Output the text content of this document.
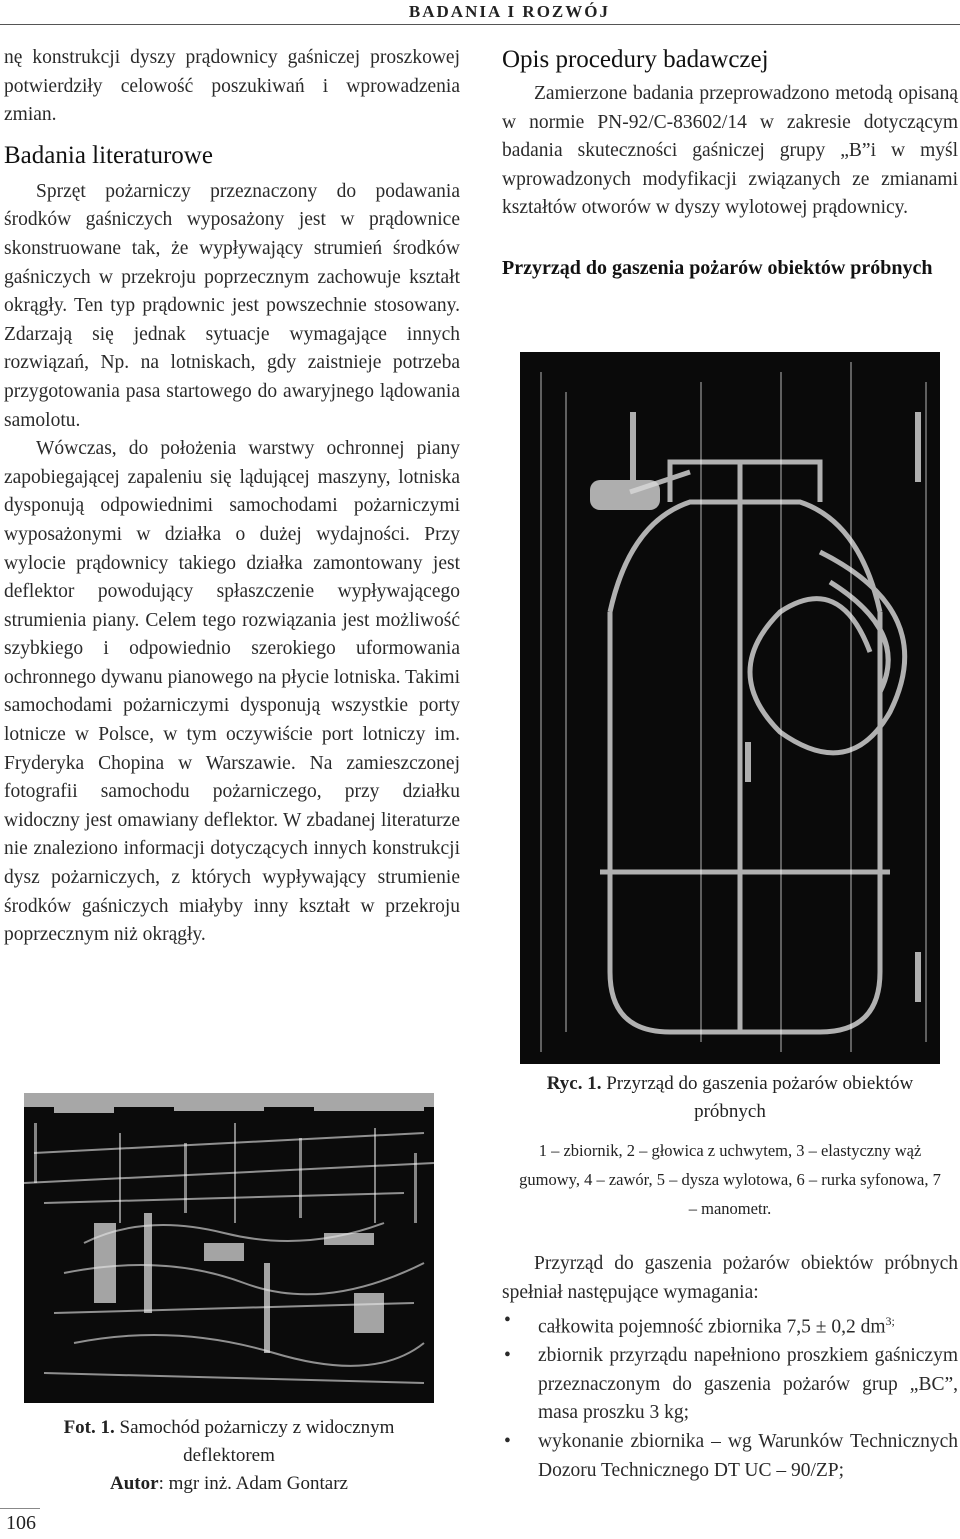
BADANIA I ROZWÓJ

nę konstrukcji dyszy prądownicy gaśniczej proszkowej potwierdziły celowość poszukiwań i wprowadzenia zmian.

Badania literaturowe

Sprzęt pożarniczy przeznaczony do podawania środków gaśniczych wyposażony jest w prądownice skonstruowane tak, że wypływający strumień środków gaśniczych w przekroju poprzecznym zachowuje kształt okrągły. Ten typ prądownic jest powszechnie stosowany. Zdarzają się jednak sytuacje wymagające innych rozwiązań, Np. na lotniskach, gdy zaistnieje potrzeba przygotowania pasa startowego do awaryjnego lądowania samolotu.

Wówczas, do położenia warstwy ochronnej piany zapobiegającej zapaleniu się lądującej maszyny, lotniska dysponują odpowiednimi samochodami pożarniczymi wyposażonymi w działka o dużej wydajności. Przy wylocie prądownicy takiego działka zamontowany jest deflektor powodujący spłaszczenie wypływającego strumienia piany. Celem tego rozwiązania jest możliwość szybkiego i odpowiednio szerokiego uformowania ochronnego dywanu pianowego na płycie lotniska. Takimi samochodami pożarniczymi dysponują wszystkie porty lotnicze w Polsce, w tym oczywiście port lotniczy im. Fryderyka Chopina w Warszawie. Na zamieszczonej fotografii samochodu pożarniczego, przy działku widoczny jest omawiany deflektor. W zbadanej literaturze nie znaleziono informacji dotyczących innych konstrukcji dysz pożarniczych, z których wypływający strumienie środków gaśniczych miałyby inny kształt w przekroju poprzecznym niż okrągły.

Fot. 1. Samochód pożarniczy z widocznym deflektorem
Autor: mgr inż. Adam Gontarz
Opis procedury badawczej

Zamierzone badania przeprowadzono metodą opisaną w normie PN-92/C-83602/14 w zakresie dotyczącym badania skuteczności gaśniczej grupy „B”i w myśl wprowadzonych modyfikacji związanych ze zmianami kształtów otworów w dyszy wylotowej prądownicy.

Przyrząd do gaszenia pożarów obiektów próbnych
Ryc. 1. Przyrząd do gaszenia pożarów obiektów próbnych
1 – zbiornik, 2 – głowica z uchwytem, 3 – elastyczny wąż gumowy, 4 – zawór, 5 – dysza wylotowa, 6 – rurka syfonowa, 7 – manometr.

Przyrząd do gaszenia pożarów obiektów próbnych spełniał następujące wymagania:

• całkowita pojemność zbiornika 7,5 ± 0,2 $dm^{3;}$
• zbiornik przyrządu napełniono proszkiem gaśniczym przeznaczonym do gaszenia pożarów grup „BC”, masa proszku 3 kg;
• wykonanie zbiornika – wg Warunków Technicznych Dozoru Technicznego DT UC – 90/ZP;
106
